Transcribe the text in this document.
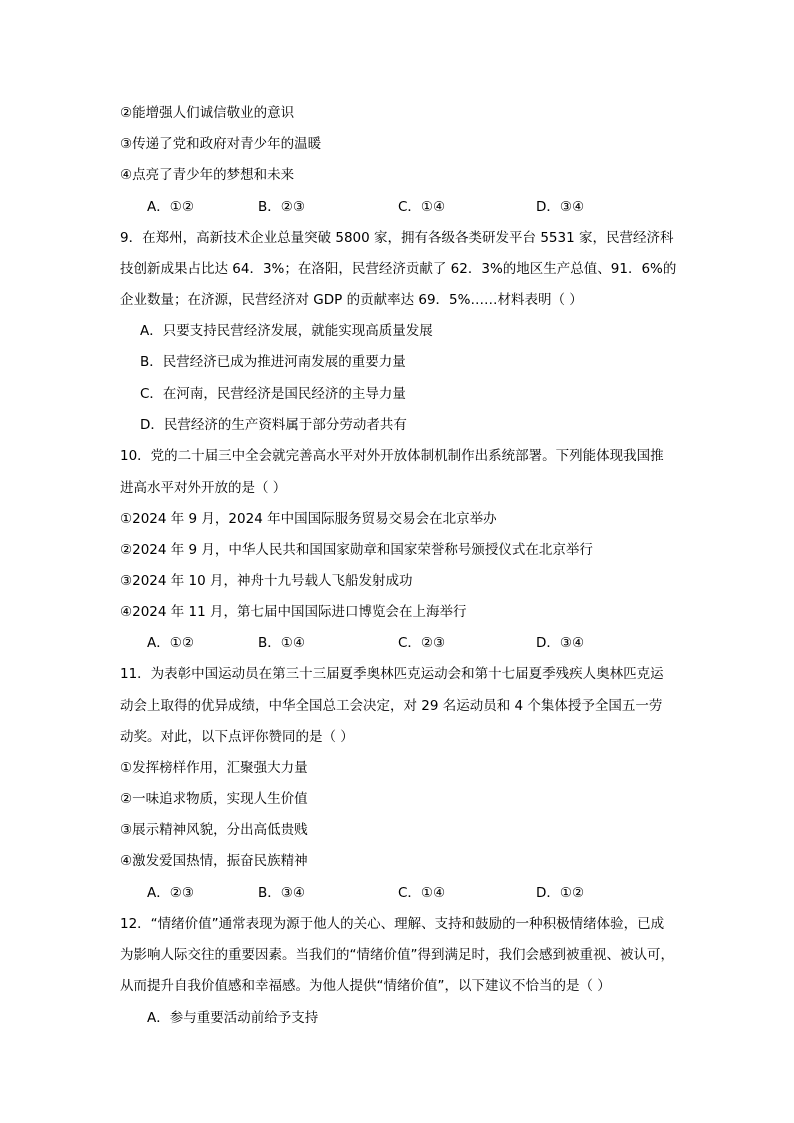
②能增强人们诚信敬业的意识
③传递了党和政府对青少年的温暖
④点亮了青少年的梦想和未来
A．①②	B．②③	C．①④	D．③④
9．在郑州，高新技术企业总量突破 5800 家，拥有各级各类研发平台 5531 家，民营经济科
技创新成果占比达 64．3%；在洛阳，民营经济贡献了 62．3%的地区生产总值、91．6%的
企业数量；在济源，民营经济对 GDP 的贡献率达 69．5%……材料表明（ ）
A．只要支持民营经济发展，就能实现高质量发展
B．民营经济已成为推进河南发展的重要力量
C．在河南，民营经济是国民经济的主导力量
D．民营经济的生产资料属于部分劳动者共有
10．党的二十届三中全会就完善高水平对外开放体制机制作出系统部署。下列能体现我国推
进高水平对外开放的是（ ）
①2024 年 9 月，2024 年中国国际服务贸易交易会在北京举办
②2024 年 9 月，中华人民共和国国家勋章和国家荣誉称号颁授仪式在北京举行
③2024 年 10 月，神舟十九号载人飞船发射成功
④2024 年 11 月，第七届中国国际进口博览会在上海举行
A．①②	B．①④	C．②③	D．③④
11．为表彰中国运动员在第三十三届夏季奥林匹克运动会和第十七届夏季残疾人奥林匹克运
动会上取得的优异成绩，中华全国总工会决定，对 29 名运动员和 4 个集体授予全国五一劳
动奖。对此，以下点评你赞同的是（ ）
①发挥榜样作用，汇聚强大力量
②一味追求物质，实现人生价值
③展示精神风貌，分出高低贵贱
④激发爱国热情，振奋民族精神
A．②③	B．③④	C．①④	D．①②
12．“情绪价值”通常表现为源于他人的关心、理解、支持和鼓励的一种积极情绪体验，已成
为影响人际交往的重要因素。当我们的“情绪价值”得到满足时，我们会感到被重视、被认可，
从而提升自我价值感和幸福感。为他人提供“情绪价值”，以下建议不恰当的是（ ）
A．参与重要活动前给予支持
